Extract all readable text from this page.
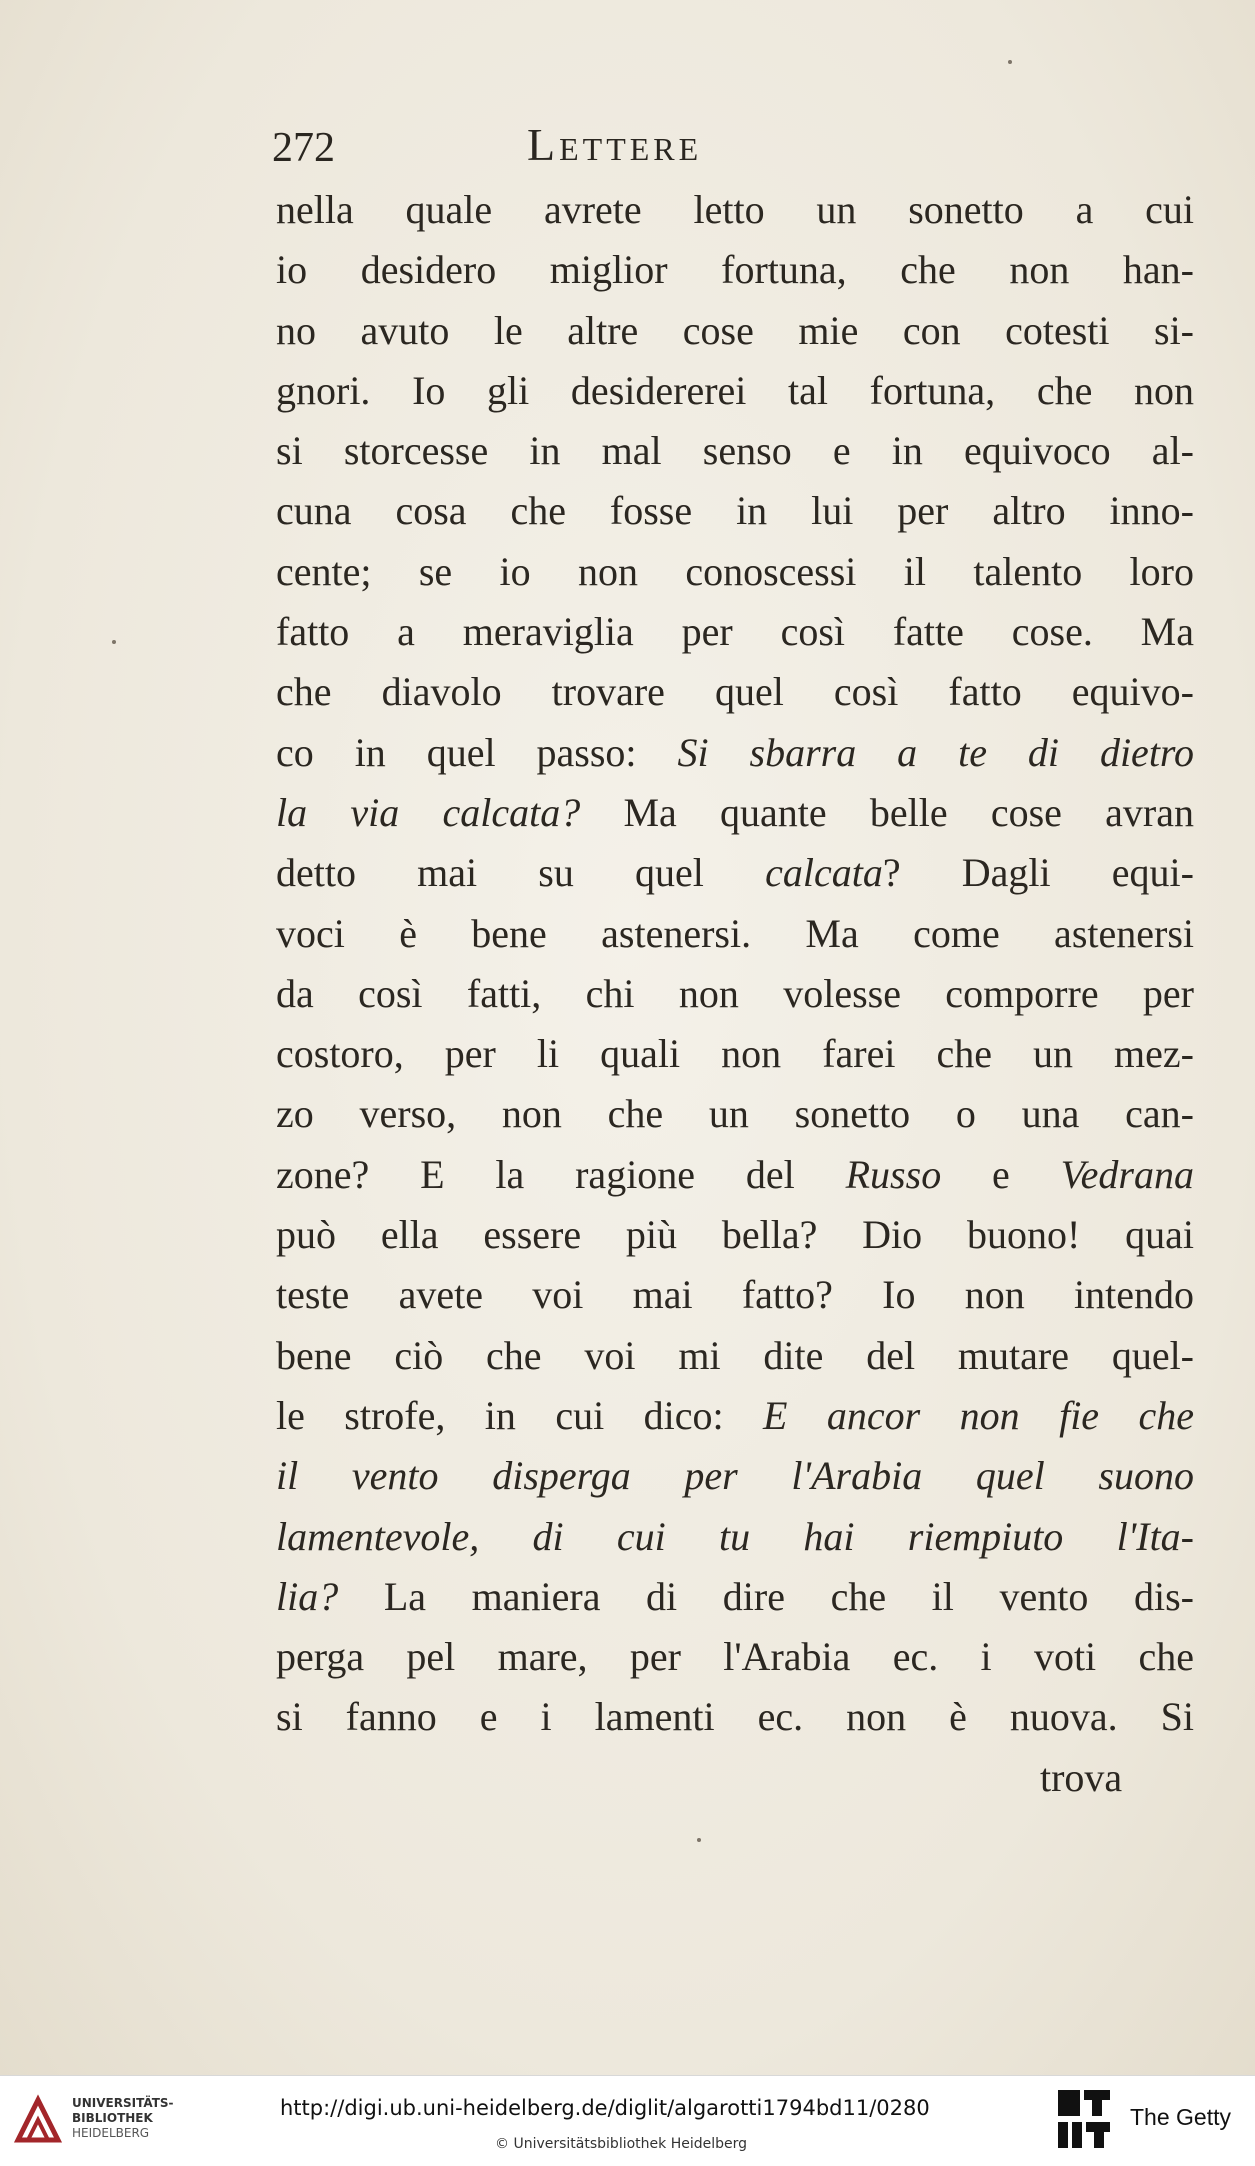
272	Lettere
nella quale avrete letto un sonetto a cui
io desidero miglior fortuna, che non han-
no avuto le altre cose mie con cotesti si-
gnori. Io gli desidererei tal fortuna, che non
si storcesse in mal senso e in equivoco al-
cuna cosa che fosse in lui per altro inno-
cente; se io non conoscessi il talento loro
fatto a meraviglia per così fatte cose. Ma
che diavolo trovare quel così fatto equivo-
co in quel passo: Si sbarra a te di dietro
la via calcata? Ma quante belle cose avran
detto mai su quel calcata? Dagli equi-
voci è bene astenersi. Ma come astenersi
da così fatti, chi non volesse comporre per
costoro, per li quali non farei che un mez-
zo verso, non che un sonetto o una can-
zone? E la ragione del Russo e Vedrana
può ella essere più bella? Dio buono! quai
teste avete voi mai fatto? Io non intendo
bene ciò che voi mi dite del mutare quel-
le strofe, in cui dico: E ancor non fie che
il vento disperga per l'Arabia quel suono
lamentevole, di cui tu hai riempiuto l'Ita-
lia? La maniera di dire che il vento dis-
perga pel mare, per l'Arabia ec. i voti che
si fanno e i lamenti ec. non è nuova. Si
trova
UNIVERSITÄTS-
BIBLIOTHEK
HEIDELBERG
http://digi.ub.uni-heidelberg.de/diglit/algarotti1794bd11/0280
© Universitätsbibliothek Heidelberg
The Getty
